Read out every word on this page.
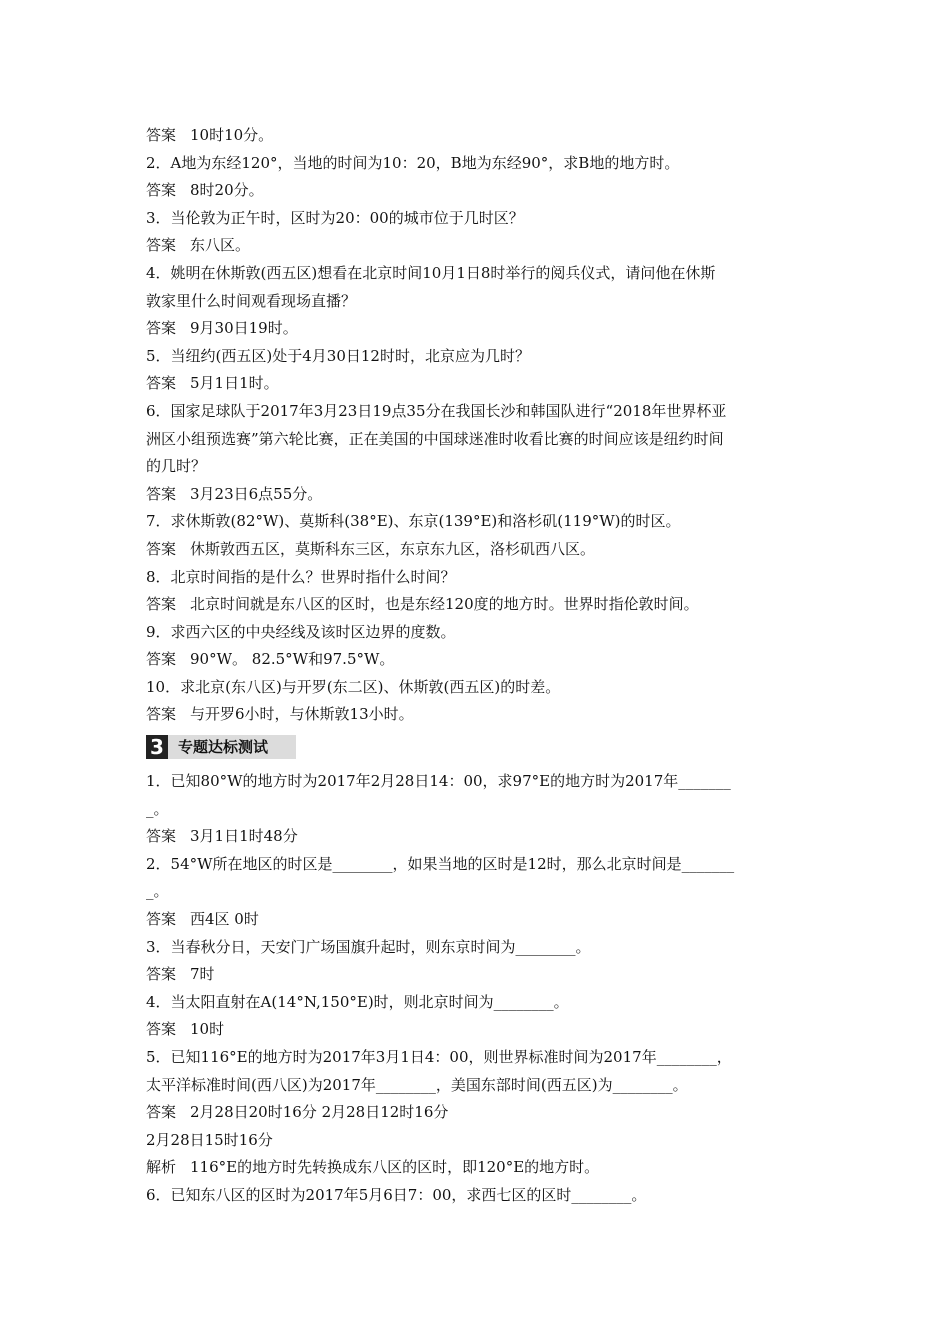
答案 10时10分。
2．A地为东经120°，当地的时间为10：20，B地为东经90°，求B地的地方时。
答案 8时20分。
3．当伦敦为正午时，区时为20：00的城市位于几时区？
答案 东八区。
4．姚明在休斯敦(西五区)想看在北京时间10月1日8时举行的阅兵仪式，请问他在休斯
敦家里什么时间观看现场直播？
答案 9月30日19时。
5．当纽约(西五区)处于4月30日12时时，北京应为几时？
答案 5月1日1时。
6．国家足球队于2017年3月23日19点35分在我国长沙和韩国队进行“2018年世界杯亚
洲区小组预选赛”第六轮比赛，正在美国的中国球迷准时收看比赛的时间应该是纽约时间
的几时？
答案 3月23日6点55分。
7．求休斯敦(82°W)、莫斯科(38°E)、东京(139°E)和洛杉矶(119°W)的时区。
答案 休斯敦西五区，莫斯科东三区，东京东九区，洛杉矶西八区。
8．北京时间指的是什么？世界时指什么时间？
答案 北京时间就是东八区的区时，也是东经120度的地方时。世界时指伦敦时间。
9．求西六区的中央经线及该时区边界的度数。
答案 90°W。 82.5°W和97.5°W。
10．求北京(东八区)与开罗(东二区)、休斯敦(西五区)的时差。
答案 与开罗6小时，与休斯敦13小时。
3 专题达标测试
1．已知80°W的地方时为2017年2月28日14：00，求97°E的地方时为2017年_______
_。
答案 3月1日1时48分
2．54°W所在地区的时区是________，如果当地的区时是12时，那么北京时间是_______
_。
答案 西4区 0时
3．当春秋分日，天安门广场国旗升起时，则东京时间为________。
答案 7时
4．当太阳直射在A(14°N,150°E)时，则北京时间为________。
答案 10时
5．已知116°E的地方时为2017年3月1日4：00，则世界标准时间为2017年________，
太平洋标准时间(西八区)为2017年________，美国东部时间(西五区)为________。
答案 2月28日20时16分 2月28日12时16分
2月28日15时16分
解析 116°E的地方时先转换成东八区的区时，即120°E的地方时。
6．已知东八区的区时为2017年5月6日7：00，求西七区的区时________。
